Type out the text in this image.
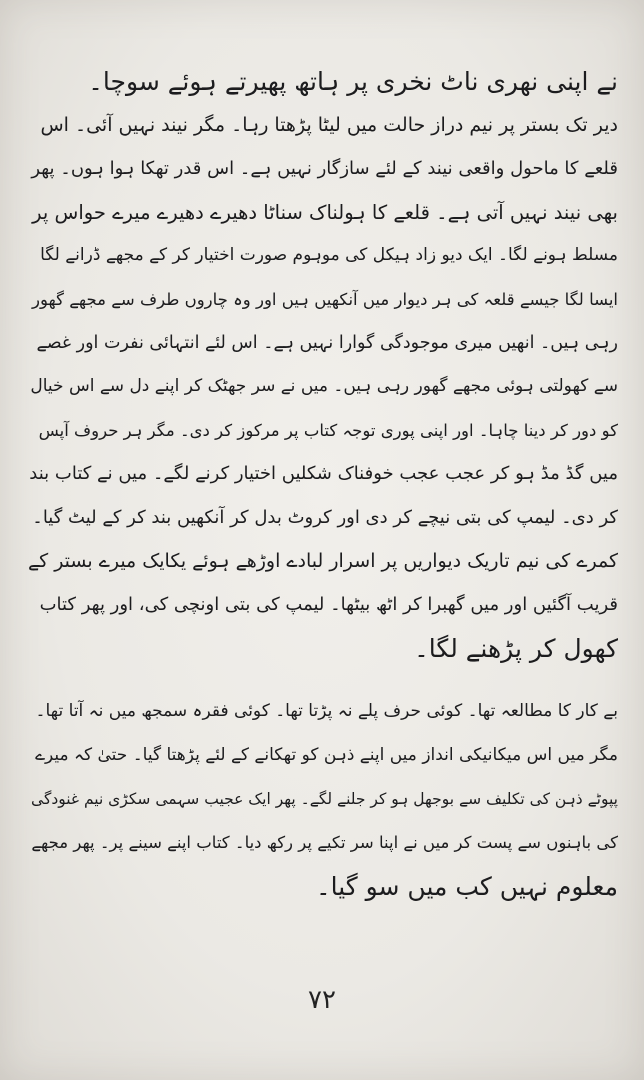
نے اپنی نھری ناٹ نخری پر ہاتھ پھیرتے ہوئے سوچا۔

دیر تک بستر پر نیم دراز حالت میں لیٹا پڑھتا رہا۔ مگر نیند نہیں آئی۔ اس
قلعے کا ماحول واقعی نیند کے لئے سازگار نہیں ہے۔ اس قدر تھکا ہوا ہوں۔ پھر
بھی نیند نہیں آتی ہے۔ قلعے کا ہولناک سناٹا دھیرے دھیرے میرے حواس پر
مسلط ہونے لگا۔ ایک دیو زاد ہیکل کی موہوم صورت اختیار کر کے مجھے ڈرانے لگا
ایسا لگا جیسے قلعہ کی ہر دیوار میں آنکھیں ہیں اور وہ چاروں طرف سے مجھے گھور
رہی ہیں۔ انھیں میری موجودگی گوارا نہیں ہے۔ اس لئے انتہائی نفرت اور غصے
سے کھولتی ہوئی مجھے گھور رہی ہیں۔ میں نے سر جھٹک کر اپنے دل سے اس خیال
کو دور کر دینا چاہا۔ اور اپنی پوری توجہ کتاب پر مرکوز کر دی۔ مگر ہر حروف آپس
میں گڈ مڈ ہو کر عجب عجب خوفناک شکلیں اختیار کرنے لگے۔ میں نے کتاب بند
کر دی۔ لیمپ کی بتی نیچے کر دی اور کروٹ بدل کر آنکھیں بند کر کے لیٹ گیا۔

کمرے کی نیم تاریک دیواریں پر اسرار لبادے اوڑھے ہوئے یکایک میرے بستر کے
قریب آگئیں اور میں گھبرا کر اٹھ بیٹھا۔ لیمپ کی بتی اونچی کی، اور پھر کتاب
کھول کر پڑھنے لگا۔

بے کار کا مطالعہ تھا۔ کوئی حرف پلے نہ پڑتا تھا۔ کوئی فقرہ سمجھ میں نہ آتا تھا۔
مگر میں اس میکانیکی انداز میں اپنے ذہن کو تھکانے کے لئے پڑھتا گیا۔ حتیٰ کہ میرے
پپوٹے ذہن کی تکلیف سے بوجھل ہو کر جلنے لگے۔ پھر ایک عجیب سہمی سکڑی نیم غنودگی
کی باہنوں سے پست کر میں نے اپنا سر تکیے پر رکھ دیا۔ کتاب اپنے سینے پر۔ پھر مجھے
معلوم نہیں کب میں سو گیا۔

۷۲
